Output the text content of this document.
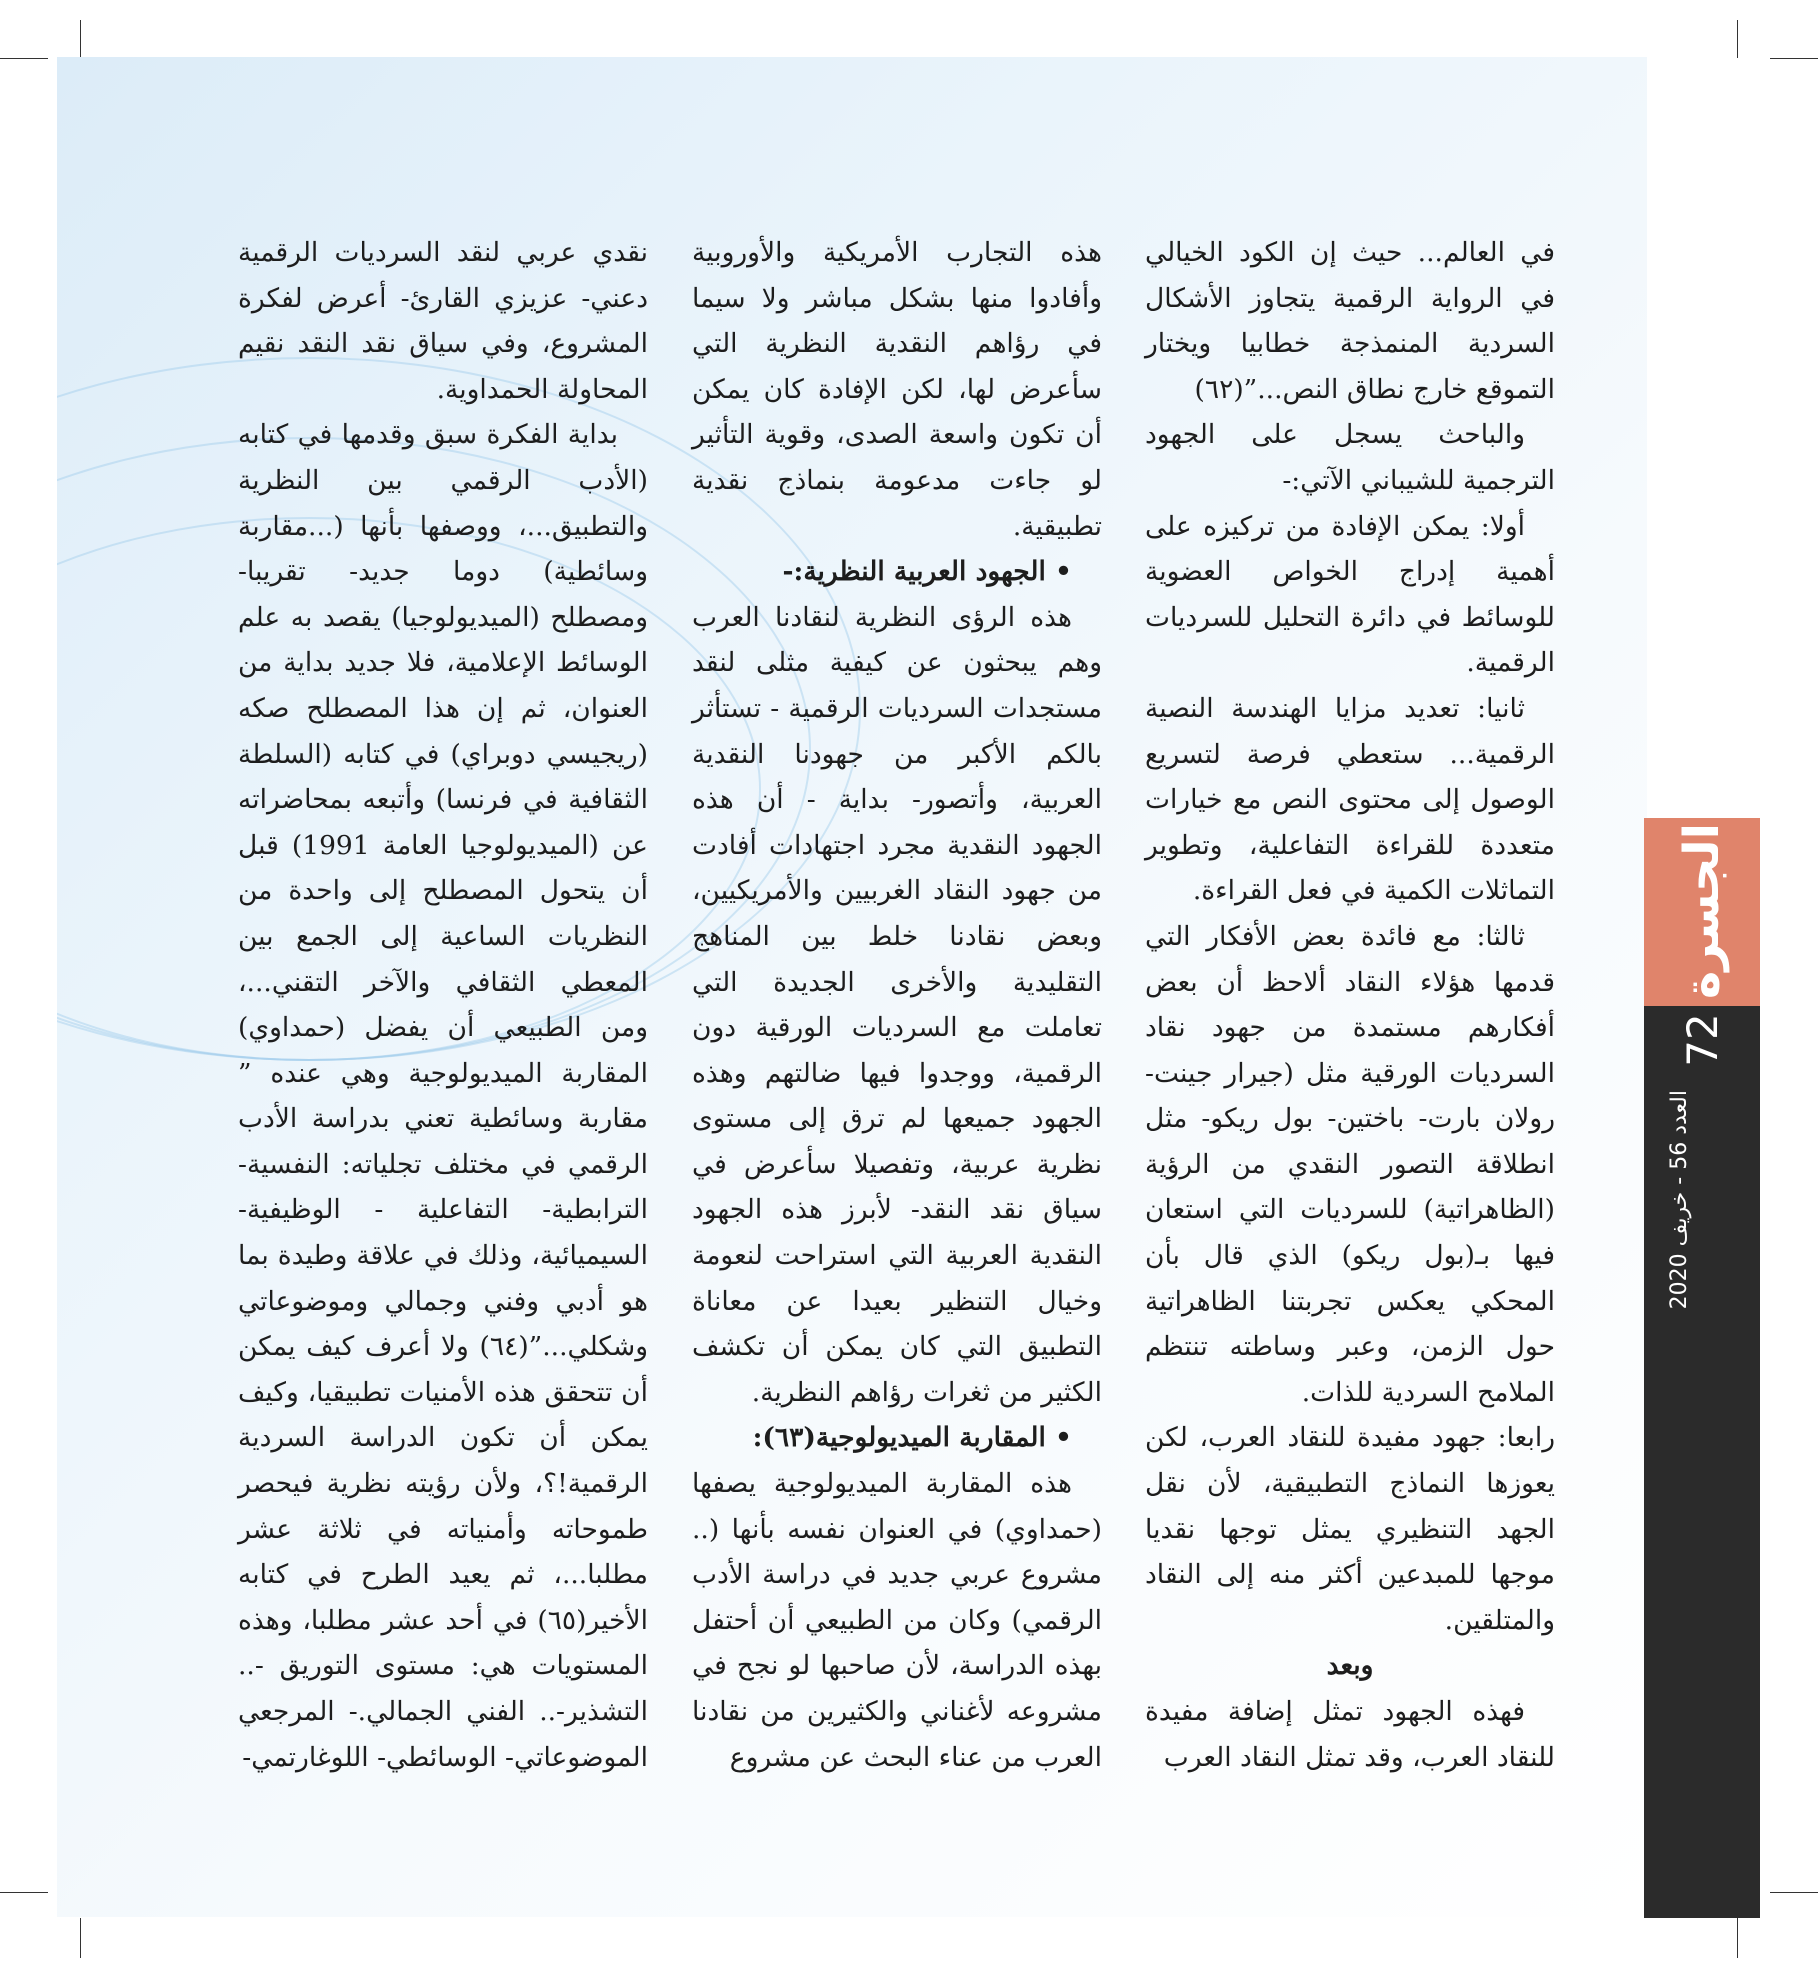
في العالم... حيث إن الكود الخيالي في الرواية الرقمية يتجاوز الأشكال السردية المنمذجة خطابيا ويختار التموقع خارج نطاق النص...”(٦٢)

والباحث يسجل على الجهود الترجمية للشيباني الآتي:-

أولا: يمكن الإفادة من تركيزه على أهمية إدراج الخواص العضوية للوسائط في دائرة التحليل للسرديات الرقمية.

ثانيا: تعديد مزايا الهندسة النصية الرقمية... ستعطي فرصة لتسريع الوصول إلى محتوى النص مع خيارات متعددة للقراءة التفاعلية، وتطوير التماثلات الكمية في فعل القراءة.

ثالثا: مع فائدة بعض الأفكار التي قدمها هؤلاء النقاد ألاحظ أن بعض أفكارهم مستمدة من جهود نقاد السرديات الورقية مثل (جيرار جينت- رولان بارت- باختين- بول ريكو- مثل انطلاقة التصور النقدي من الرؤية (الظاهراتية) للسرديات التي استعان فيها بـ(بول ريكو) الذي قال بأن المحكي يعكس تجربتنا الظاهراتية حول الزمن، وعبر وساطته تنتظم الملامح السردية للذات.

رابعا: جهود مفيدة للنقاد العرب، لكن يعوزها النماذج التطبيقية، لأن نقل الجهد التنظيري يمثل توجها نقديا موجها للمبدعين أكثر منه إلى النقاد والمتلقين.

وبعد

فهذه الجهود تمثل إضافة مفيدة للنقاد العرب، وقد تمثل النقاد العرب

هذه التجارب الأمريكية والأوروبية وأفادوا منها بشكل مباشر ولا سيما في رؤاهم النقدية النظرية التي سأعرض لها، لكن الإفادة كان يمكن أن تكون واسعة الصدى، وقوية التأثير لو جاءت مدعومة بنماذج نقدية تطبيقية.

• الجهود العربية النظرية:-

هذه الرؤى النظرية لنقادنا العرب وهم يبحثون عن كيفية مثلى لنقد مستجدات السرديات الرقمية - تستأثر بالكم الأكبر من جهودنا النقدية العربية، وأتصور- بداية - أن هذه الجهود النقدية مجرد اجتهادات أفادت من جهود النقاد الغربيين والأمريكيين، وبعض نقادنا خلط بين المناهج التقليدية والأخرى الجديدة التي تعاملت مع السرديات الورقية دون الرقمية، ووجدوا فيها ضالتهم وهذه الجهود جميعها لم ترق إلى مستوى نظرية عربية، وتفصيلا سأعرض في سياق نقد النقد- لأبرز هذه الجهود النقدية العربية التي استراحت لنعومة وخيال التنظير بعيدا عن معاناة التطبيق التي كان يمكن أن تكشف الكثير من ثغرات رؤاهم النظرية.

• المقاربة الميديولوجية(٦٣):

هذه المقاربة الميديولوجية يصفها (حمداوي) في العنوان نفسه بأنها (.. مشروع عربي جديد في دراسة الأدب الرقمي) وكان من الطبيعي أن أحتفل بهذه الدراسة، لأن صاحبها لو نجح في مشروعه لأغناني والكثيرين من نقادنا العرب من عناء البحث عن مشروع

نقدي عربي لنقد السرديات الرقمية دعني- عزيزي القارئ- أعرض لفكرة المشروع، وفي سياق نقد النقد نقيم المحاولة الحمداوية.

بداية الفكرة سبق وقدمها في كتابه (الأدب الرقمي بين النظرية والتطبيق...، ووصفها بأنها (...مقاربة وسائطية) دوما جديد- تقريبا- ومصطلح (الميديولوجيا) يقصد به علم الوسائط الإعلامية، فلا جديد بداية من العنوان، ثم إن هذا المصطلح صكه (ريجيسي دوبراي) في كتابه (السلطة الثقافية في فرنسا) وأتبعه بمحاضراته عن (الميديولوجيا العامة 1991) قبل أن يتحول المصطلح إلى واحدة من النظريات الساعية إلى الجمع بين المعطي الثقافي والآخر التقني...، ومن الطبيعي أن يفضل (حمداوي) المقاربة الميديولوجية وهي عنده ” مقاربة وسائطية تعني بدراسة الأدب الرقمي في مختلف تجلياته: النفسية- الترابطية- التفاعلية - الوظيفية- السيميائية، وذلك في علاقة وطيدة بما هو أدبي وفني وجمالي وموضوعاتي وشكلي...”(٦٤) ولا أعرف كيف يمكن أن تتحقق هذه الأمنيات تطبيقيا، وكيف يمكن أن تكون الدراسة السردية الرقمية!؟، ولأن رؤيته نظرية فيحصر طموحاته وأمنياته في ثلاثة عشر مطلبا...، ثم يعيد الطرح في كتابه الأخير(٦٥) في أحد عشر مطلبا، وهذه المستويات هي: مستوى التوريق -.. التشذير-.. الفني الجمالي.- المرجعي الموضوعاتي- الوسائطي- اللوغارتمي-

الجسرة
72
العدد 56 - خريف 2020
